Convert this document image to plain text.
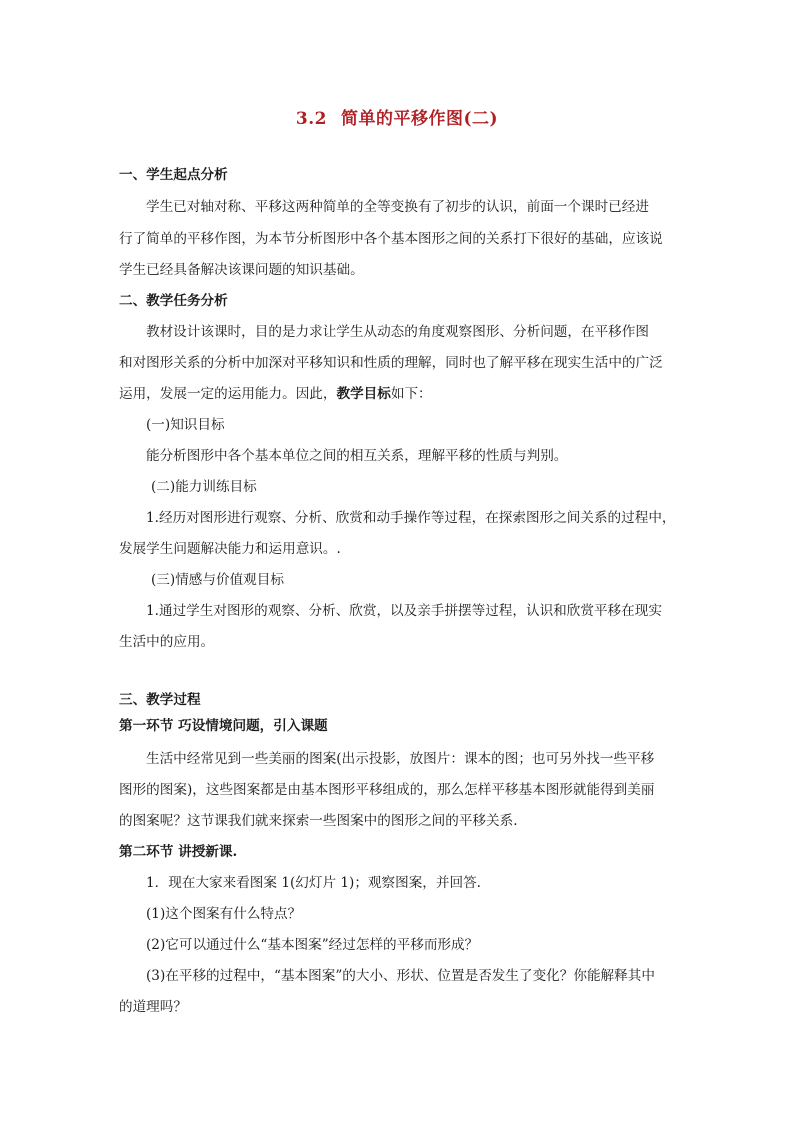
3.2 简单的平移作图(二)
一、学生起点分析
学生已对轴对称、平移这两种简单的全等变换有了初步的认识，前面一个课时已经进
行了简单的平移作图，为本节分析图形中各个基本图形之间的关系打下很好的基础，应该说
学生已经具备解决该课问题的知识基础。
二、教学任务分析
教材设计该课时，目的是力求让学生从动态的角度观察图形、分析问题，在平移作图
和对图形关系的分析中加深对平移知识和性质的理解，同时也了解平移在现实生活中的广泛
运用，发展一定的运用能力。因此，教学目标如下：
(一)知识目标
能分析图形中各个基本单位之间的相互关系，理解平移的性质与判别。
(二)能力训练目标
1.经历对图形进行观察、分析、欣赏和动手操作等过程，在探索图形之间关系的过程中，
发展学生问题解决能力和运用意识。.
(三)情感与价值观目标
1.通过学生对图形的观察、分析、欣赏，以及亲手拼摆等过程，认识和欣赏平移在现实
生活中的应用。
三、教学过程
第一环节 巧设情境问题，引入课题
生活中经常见到一些美丽的图案(出示投影，放图片：课本的图；也可另外找一些平移
图形的图案)，这些图案都是由基本图形平移组成的，那么怎样平移基本图形就能得到美丽
的图案呢？这节课我们就来探索一些图案中的图形之间的平移关系.
第二环节 讲授新课.
1．现在大家来看图案 1(幻灯片 1)；观察图案，并回答.
(1)这个图案有什么特点？
(2)它可以通过什么“基本图案”经过怎样的平移而形成？
(3)在平移的过程中，“基本图案”的大小、形状、位置是否发生了变化？你能解释其中
的道理吗？
